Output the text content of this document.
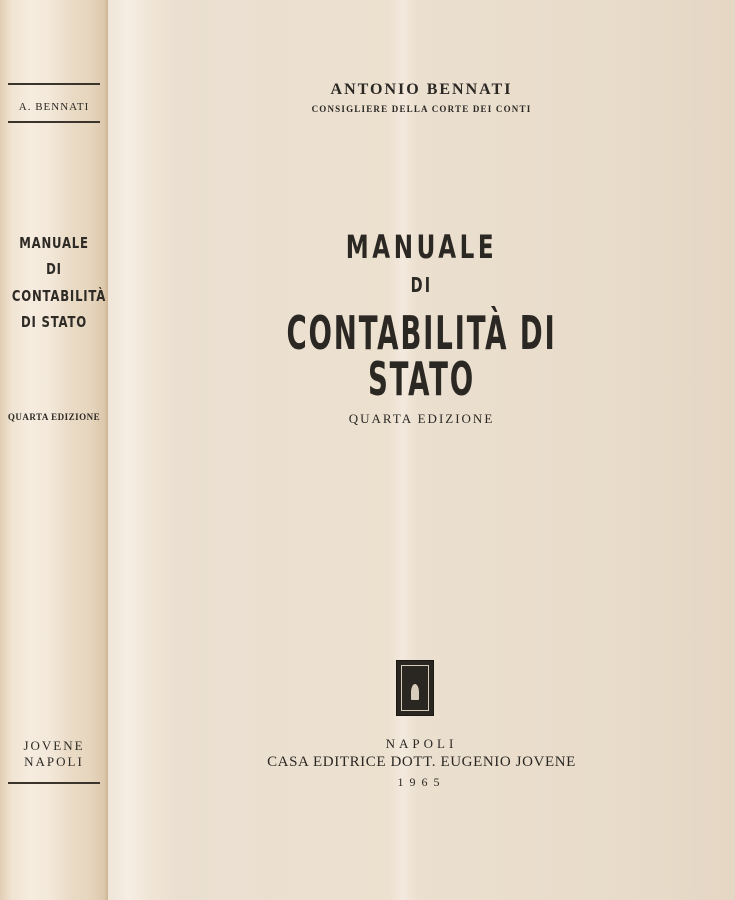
A. BENNATI
MANUALE
DI
CONTABILITÀ
DI STATO
QUARTA EDIZIONE
JOVENE
NAPOLI
ANTONIO BENNATI
CONSIGLIERE DELLA CORTE DEI CONTI
MANUALE
DI
CONTABILITÀ DI STATO
QUARTA EDIZIONE
NAPOLI
CASA EDITRICE DOTT. EUGENIO JOVENE
1965
